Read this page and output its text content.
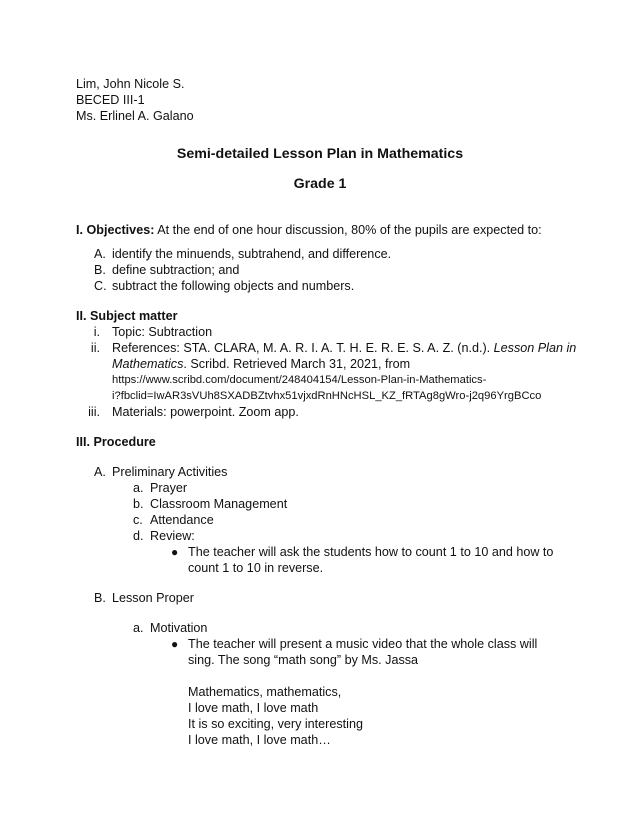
Lim, John Nicole S.
BECED III-1
Ms. Erlinel A. Galano
Semi-detailed Lesson Plan in Mathematics
Grade 1
I. Objectives: At the end of one hour discussion, 80% of the pupils are expected to:
A. identify the minuends, subtrahend, and difference.
B. define subtraction; and
C. subtract the following objects and numbers.
II. Subject matter
i. Topic: Subtraction
ii. References: STA. CLARA, M. A. R. I. A. T. H. E. R. E. S. A. Z. (n.d.). Lesson Plan in
Mathematics. Scribd. Retrieved March 31, 2021, from
https://www.scribd.com/document/248404154/Lesson-Plan-in-Mathematics-
i?fbclid=IwAR3sVUh8SXADBZtvhx51vjxdRnHNcHSL_KZ_fRTAg8gWro-j2q96YrgBCco
iii. Materials: powerpoint. Zoom app.
III. Procedure
A. Preliminary Activities
a. Prayer
b. Classroom Management
c. Attendance
d. Review:
● The teacher will ask the students how to count 1 to 10 and how to
count 1 to 10 in reverse.
B. Lesson Proper
a. Motivation
● The teacher will present a music video that the whole class will
sing. The song “math song” by Ms. Jassa
Mathematics, mathematics,
I love math, I love math
It is so exciting, very interesting
I love math, I love math…
